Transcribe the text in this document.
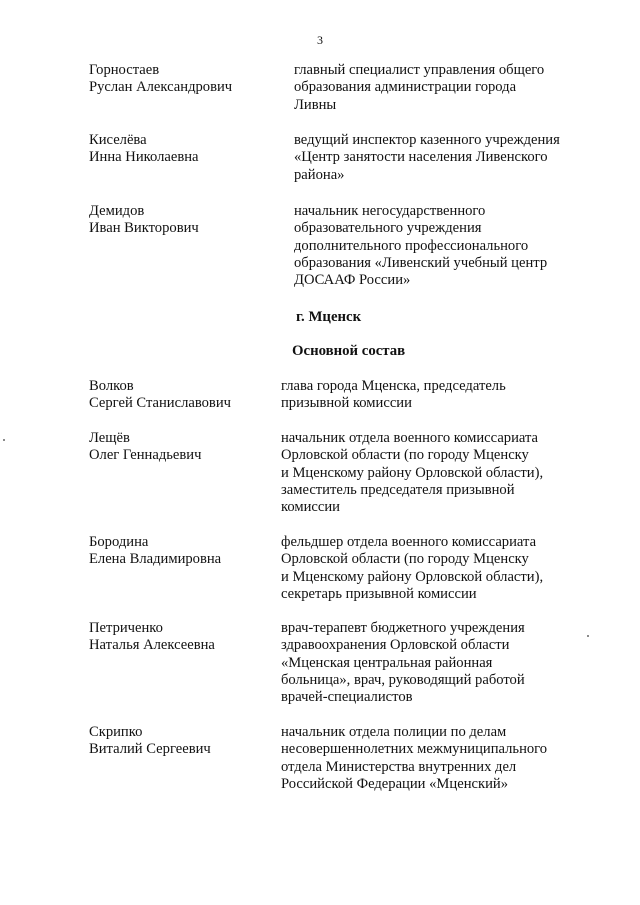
3
Горностаев
Руслан Александрович
главный специалист управления общего
образования администрации города
Ливны
Киселёва
Инна Николаевна
ведущий инспектор казенного учреждения
«Центр занятости населения Ливенского
района»
Демидов
Иван Викторович
начальник негосударственного
образовательного учреждения
дополнительного профессионального
образования «Ливенский учебный центр
ДОСААФ России»
г. Мценск
Основной состав
Волков
Сергей Станиславович
глава города Мценска, председатель
призывной комиссии
Лещёв
Олег Геннадьевич
начальник отдела военного комиссариата
Орловской области (по городу Мценску
и Мценскому району Орловской области),
заместитель председателя призывной
комиссии
Бородина
Елена Владимировна
фельдшер отдела военного комиссариата
Орловской области (по городу Мценску
и Мценскому району Орловской области),
секретарь призывной комиссии
Петриченко
Наталья Алексеевна
врач-терапевт бюджетного учреждения
здравоохранения Орловской области
«Мценская центральная районная
больница», врач, руководящий работой
врачей-специалистов
Скрипко
Виталий Сергеевич
начальник отдела полиции по делам
несовершеннолетних межмуниципального
отдела Министерства внутренних дел
Российской Федерации «Мценский»
